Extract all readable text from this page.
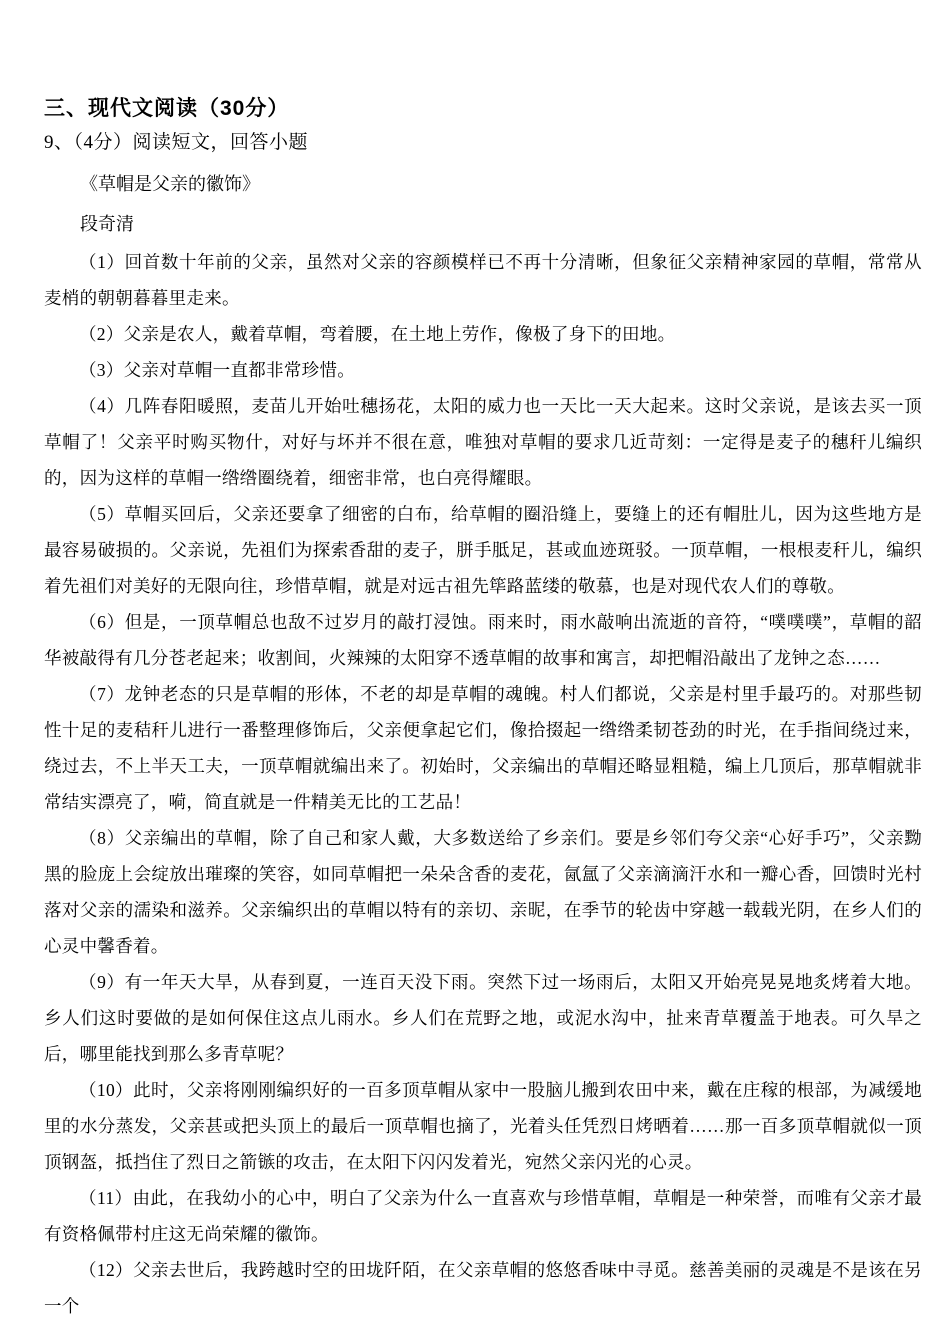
三、现代文阅读（30分）
9、（4分）阅读短文，回答小题

《草帽是父亲的徽饰》

段奇清

（1）回首数十年前的父亲，虽然对父亲的容颜模样已不再十分清晰，但象征父亲精神家园的草帽，常常从麦梢的朝朝暮暮里走来。

（2）父亲是农人，戴着草帽，弯着腰，在土地上劳作，像极了身下的田地。

（3）父亲对草帽一直都非常珍惜。

（4）几阵春阳暖照，麦苗儿开始吐穗扬花，太阳的威力也一天比一天大起来。这时父亲说，是该去买一顶草帽了！父亲平时购买物什，对好与坏并不很在意，唯独对草帽的要求几近苛刻：一定得是麦子的穗秆儿编织的，因为这样的草帽一绺绺圈绕着，细密非常，也白亮得耀眼。

（5）草帽买回后，父亲还要拿了细密的白布，给草帽的圈沿缝上，要缝上的还有帽肚儿，因为这些地方是最容易破损的。父亲说，先祖们为探索香甜的麦子，胼手胝足，甚或血迹斑驳。一顶草帽，一根根麦秆儿，编织着先祖们对美好的无限向往，珍惜草帽，就是对远古祖先筚路蓝缕的敬慕，也是对现代农人们的尊敬。

（6）但是，一顶草帽总也敌不过岁月的敲打浸蚀。雨来时，雨水敲响出流逝的音符，“噗噗噗”，草帽的韶华被敲得有几分苍老起来；收割间，火辣辣的太阳穿不透草帽的故事和寓言，却把帽沿敲出了龙钟之态……

（7）龙钟老态的只是草帽的形体，不老的却是草帽的魂魄。村人们都说，父亲是村里手最巧的。对那些韧性十足的麦秸秆儿进行一番整理修饰后，父亲便拿起它们，像拾掇起一绺绺柔韧苍劲的时光，在手指间绕过来，绕过去，不上半天工夫，一顶草帽就编出来了。初始时，父亲编出的草帽还略显粗糙，编上几顶后，那草帽就非常结实漂亮了，嗬，简直就是一件精美无比的工艺品！

（8）父亲编出的草帽，除了自己和家人戴，大多数送给了乡亲们。要是乡邻们夸父亲“心好手巧”，父亲黝黑的脸庞上会绽放出璀璨的笑容，如同草帽把一朵朵含香的麦花，氤氲了父亲滴滴汗水和一瓣心香，回馈时光村落对父亲的濡染和滋养。父亲编织出的草帽以特有的亲切、亲昵，在季节的轮齿中穿越一载载光阴，在乡人们的心灵中馨香着。

（9）有一年天大旱，从春到夏，一连百天没下雨。突然下过一场雨后，太阳又开始亮晃晃地炙烤着大地。乡人们这时要做的是如何保住这点儿雨水。乡人们在荒野之地，或泥水沟中，扯来青草覆盖于地表。可久旱之后，哪里能找到那么多青草呢？

（10）此时，父亲将刚刚编织好的一百多顶草帽从家中一股脑儿搬到农田中来，戴在庄稼的根部，为减缓地里的水分蒸发，父亲甚或把头顶上的最后一顶草帽也摘了，光着头任凭烈日烤晒着……那一百多顶草帽就似一顶顶钢盔，抵挡住了烈日之箭镞的攻击，在太阳下闪闪发着光，宛然父亲闪光的心灵。

（11）由此，在我幼小的心中，明白了父亲为什么一直喜欢与珍惜草帽，草帽是一种荣誉，而唯有父亲才最有资格佩带村庄这无尚荣耀的徽饰。

（12）父亲去世后，我跨越时空的田垅阡陌，在父亲草帽的悠悠香味中寻觅。慈善美丽的灵魂是不是该在另一个
